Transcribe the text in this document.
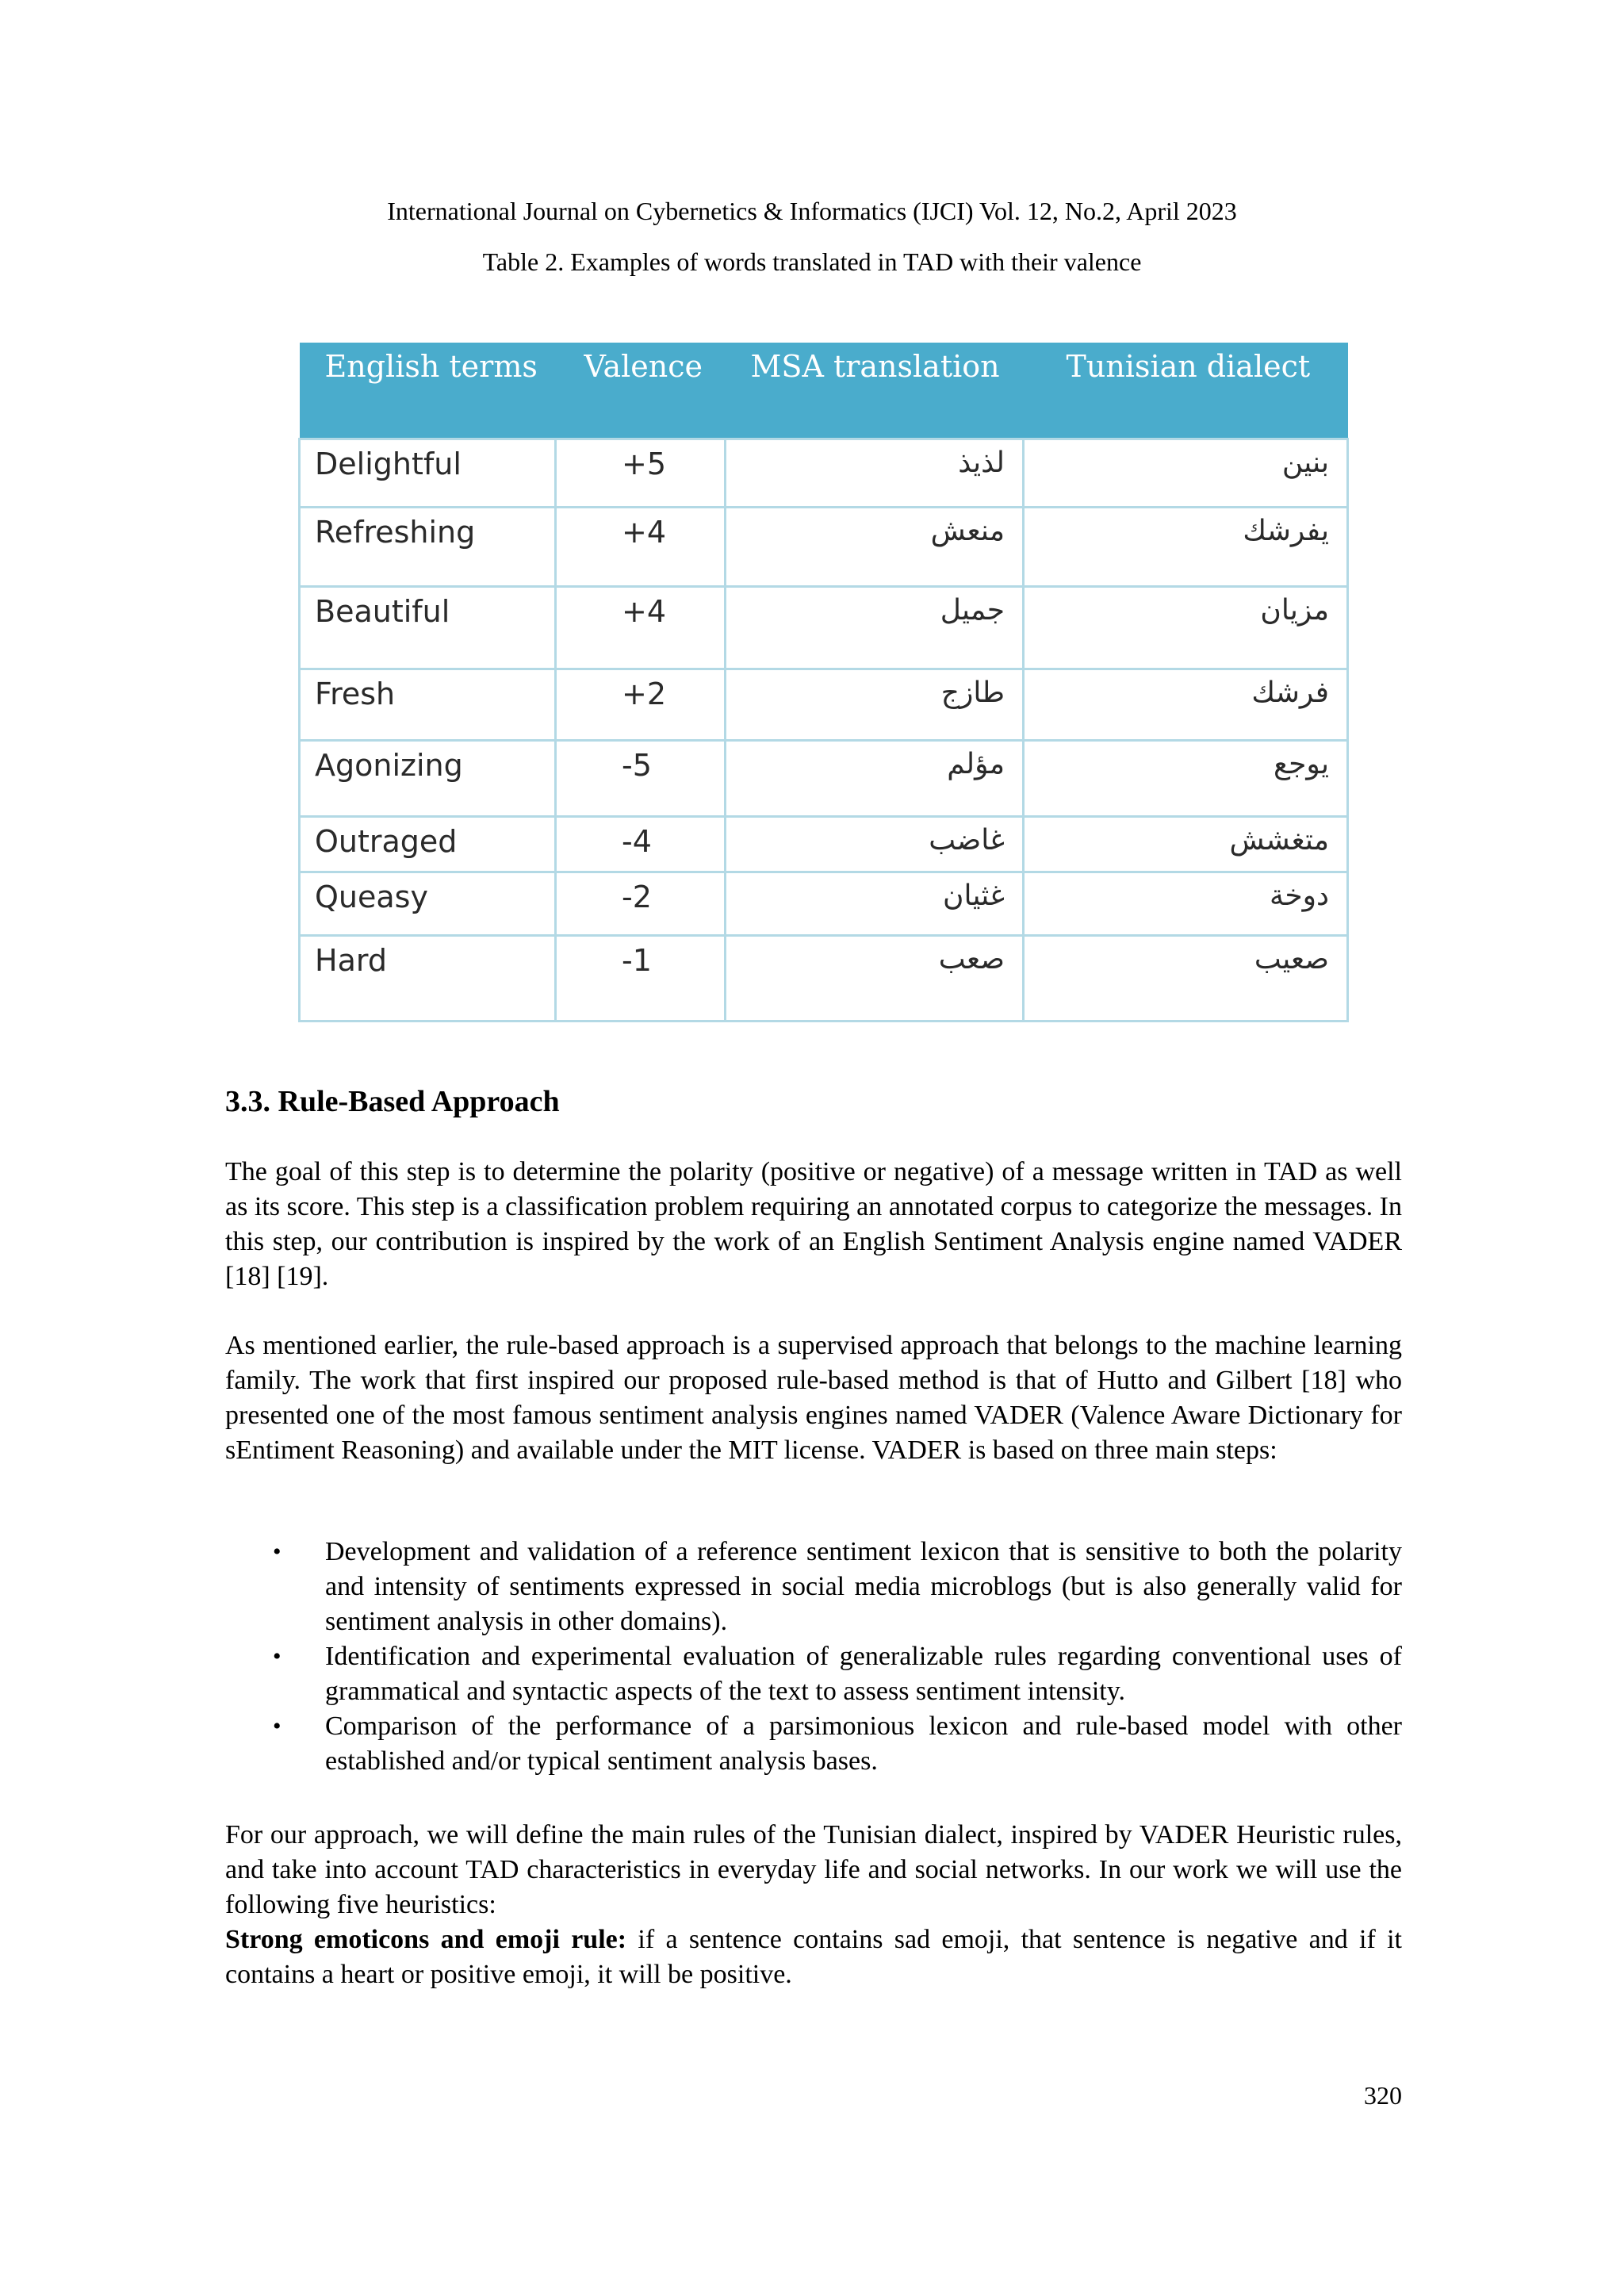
International Journal on Cybernetics & Informatics (IJCI) Vol. 12, No.2, April 2023
Table 2. Examples of words translated in TAD with their valence
English terms	Valence	MSA translation	Tunisian dialect
Delightful	+5	لذيذ	بنين
Refreshing	+4	منعش	يفرشك
Beautiful	+4	جميل	مزيان
Fresh	+2	طازج	فرشك
Agonizing	-5	مؤلم	يوجع
Outraged	-4	غاضب	متغشش
Queasy	-2	غثيان	دوخة
Hard	-1	صعب	صعيب
3.3. Rule-Based Approach

The goal of this step is to determine the polarity (positive or negative) of a message written in TAD as well as its score. This step is a classification problem requiring an annotated corpus to categorize the messages. In this step, our contribution is inspired by the work of an English Sentiment Analysis engine named VADER [18] [19].

As mentioned earlier, the rule-based approach is a supervised approach that belongs to the machine learning family. The work that first inspired our proposed rule-based method is that of Hutto and Gilbert [18] who presented one of the most famous sentiment analysis engines named VADER (Valence Aware Dictionary for sEntiment Reasoning) and available under the MIT license. VADER is based on three main steps:

• Development and validation of a reference sentiment lexicon that is sensitive to both the polarity and intensity of sentiments expressed in social media microblogs (but is also generally valid for sentiment analysis in other domains).
• Identification and experimental evaluation of generalizable rules regarding conventional uses of grammatical and syntactic aspects of the text to assess sentiment intensity.
• Comparison of the performance of a parsimonious lexicon and rule-based model with other established and/or typical sentiment analysis bases.

For our approach, we will define the main rules of the Tunisian dialect, inspired by VADER Heuristic rules, and take into account TAD characteristics in everyday life and social networks. In our work we will use the following five heuristics:

Strong emoticons and emoji rule: if a sentence contains sad emoji, that sentence is negative and if it contains a heart or positive emoji, it will be positive.

320
